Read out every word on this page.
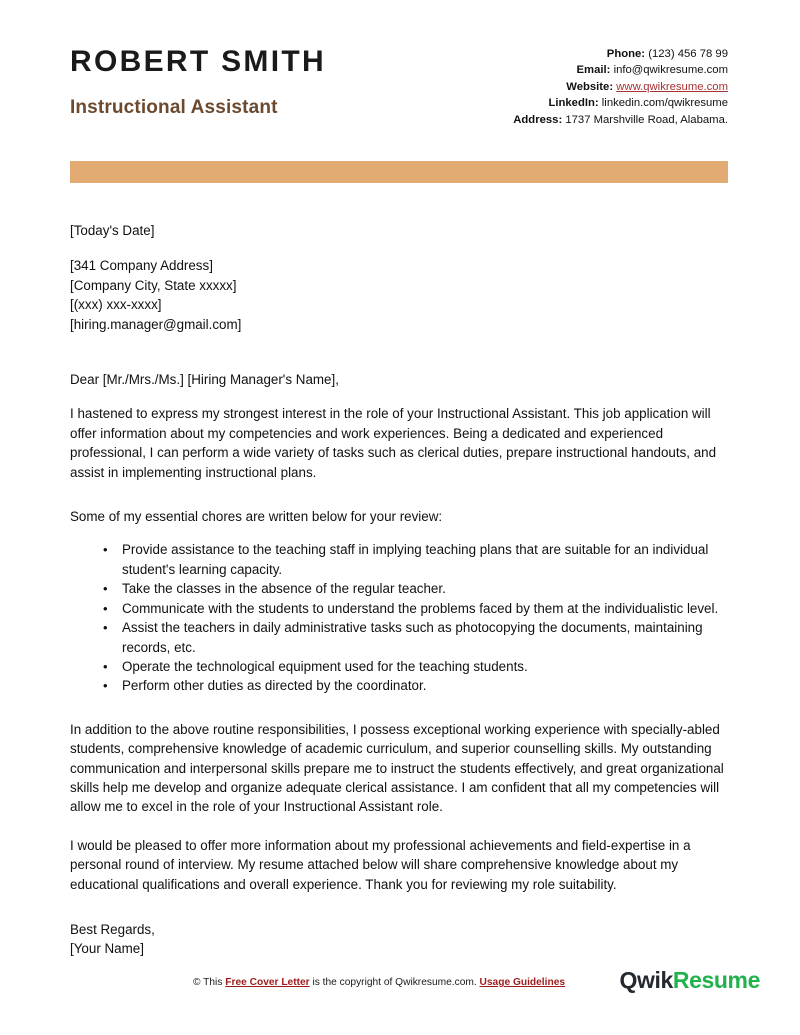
ROBERT SMITH
Instructional Assistant
Phone: (123) 456 78 99
Email: info@qwikresume.com
Website: www.qwikresume.com
LinkedIn: linkedin.com/qwikresume
Address: 1737 Marshville Road, Alabama.

[Today's Date]

[341 Company Address]

[Company City, State xxxxx]

[(xxx) xxx-xxxx]

[hiring.manager@gmail.com]

Dear [Mr./Mrs./Ms.] [Hiring Manager's Name],

I hastened to express my strongest interest in the role of your Instructional Assistant. This job application will offer information about my competencies and work experiences. Being a dedicated and experienced professional, I can perform a wide variety of tasks such as clerical duties, prepare instructional handouts, and assist in implementing instructional plans.

Some of my essential chores are written below for your review:

• Provide assistance to the teaching staff in implying teaching plans that are suitable for an individual student's learning capacity.
• Take the classes in the absence of the regular teacher.
• Communicate with the students to understand the problems faced by them at the individualistic level.
• Assist the teachers in daily administrative tasks such as photocopying the documents, maintaining records, etc.
• Operate the technological equipment used for the teaching students.
• Perform other duties as directed by the coordinator.

In addition to the above routine responsibilities, I possess exceptional working experience with specially-abled students, comprehensive knowledge of academic curriculum, and superior counselling skills. My outstanding communication and interpersonal skills prepare me to instruct the students effectively, and great organizational skills help me develop and organize adequate clerical assistance. I am confident that all my competencies will allow me to excel in the role of your Instructional Assistant role.

I would be pleased to offer more information about my professional achievements and field-expertise in a personal round of interview. My resume attached below will share comprehensive knowledge about my educational qualifications and overall experience. Thank you for reviewing my role suitability.

Best Regards,

[Your Name]

© This Free Cover Letter is the copyright of Qwikresume.com. Usage Guidelines QwikResume
